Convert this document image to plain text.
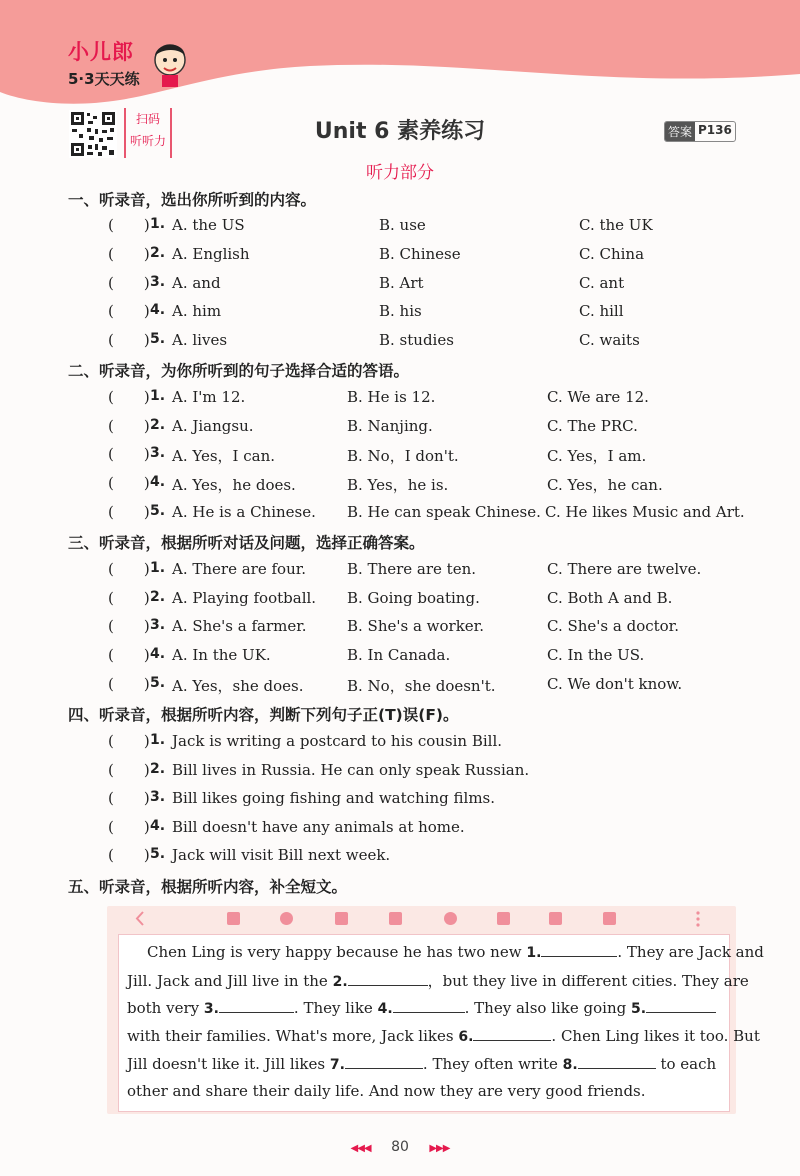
小儿郎
5·3天天练
扫码
听听力	Unit 6 素养练习	答案 P136
听力部分
一、听录音，选出你所听到的内容。
( ) 1. A. the US	B. use	C. the UK
( ) 2. A. English	B. Chinese	C. China
( ) 3. A. and	B. Art	C. ant
( ) 4. A. him	B. his	C. hill
( ) 5. A. lives	B. studies	C. waits
二、听录音，为你所听到的句子选择合适的答语。
( ) 1. A. I'm 12.	B. He is 12.	C. We are 12.
( ) 2. A. Jiangsu.	B. Nanjing.	C. The PRC.
( ) 3. A. Yes，I can.	B. No，I don't.	C. Yes，I am.
( ) 4. A. Yes，he does.	B. Yes，he is.	C. Yes，he can.
( ) 5. A. He is a Chinese. B. He can speak Chinese. C. He likes Music and Art.
三、听录音，根据所听对话及问题，选择正确答案。
( ) 1. A. There are four.	B. There are ten.	C. There are twelve.
( ) 2. A. Playing football. B. Going boating.	C. Both A and B.
( ) 3. A. She's a farmer.	B. She's a worker.	C. She's a doctor.
( ) 4. A. In the UK.	B. In Canada.	C. In the US.
( ) 5. A. Yes，she does.	B. No，she doesn't.	C. We don't know.
四、听录音，根据所听内容，判断下列句子正(T)误(F)。
( ) 1. Jack is writing a postcard to his cousin Bill.
( ) 2. Bill lives in Russia. He can only speak Russian.
( ) 3. Bill likes going fishing and watching films.
( ) 4. Bill doesn't have any animals at home.
( ) 5. Jack will visit Bill next week.
五、听录音，根据所听内容，补全短文。
Chen Ling is very happy because he has two new 1.	. They are Jack and
Jill. Jack and Jill live in the 2.	，but they live in different cities. They are
both very 3.	. They like 4.	. They also like going 5.
with their families. What's more, Jack likes 6.	. Chen Ling likes it too. But
Jill doesn't like it. Jill likes 7.	. They often write 8.	to each
other and share their daily life. And now they are very good friends.
◀◀◀ 80 ▶▶▶
